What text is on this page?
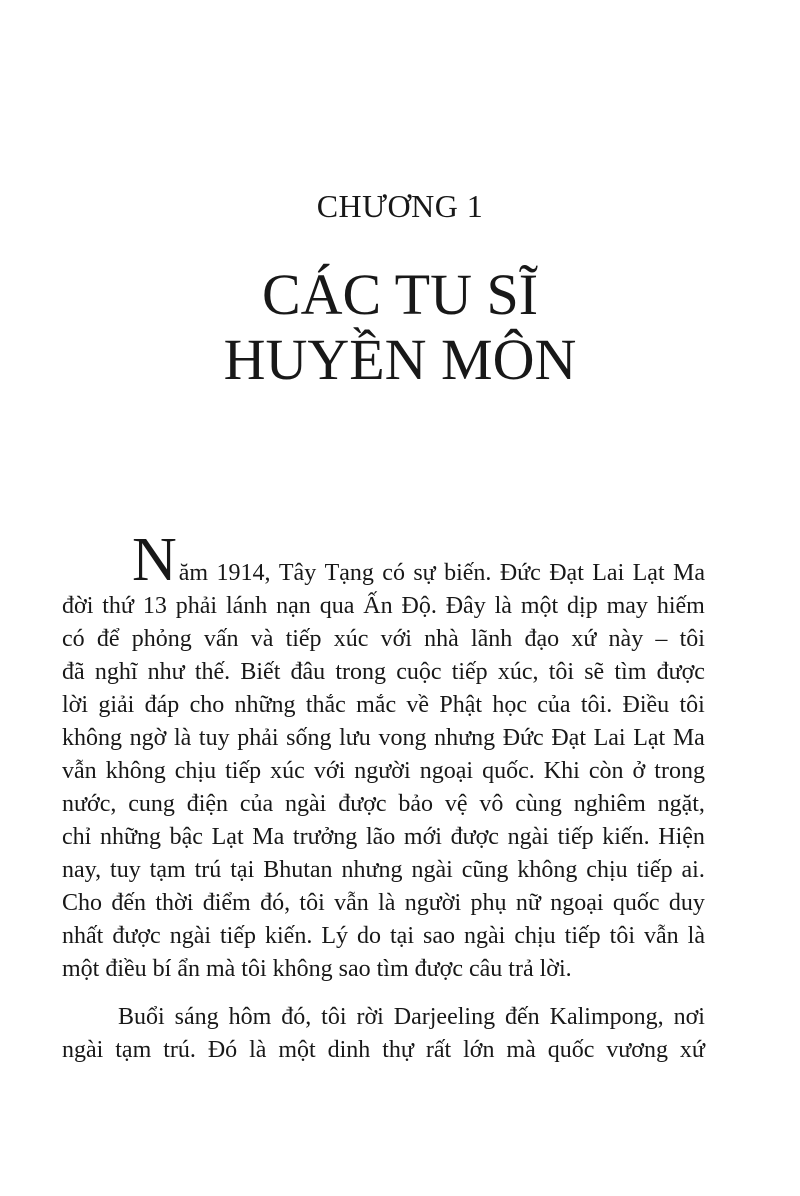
CHƯƠNG 1
CÁC TU SĨ
HUYỀN MÔN
Năm 1914, Tây Tạng có sự biến. Đức Đạt Lai Lạt Ma
đời thứ 13 phải lánh nạn qua Ấn Độ. Đây là một dịp may hiếm
có để phỏng vấn và tiếp xúc với nhà lãnh đạo xứ này – tôi
đã nghĩ như thế. Biết đâu trong cuộc tiếp xúc, tôi sẽ tìm được
lời giải đáp cho những thắc mắc về Phật học của tôi. Điều tôi
không ngờ là tuy phải sống lưu vong nhưng Đức Đạt Lai Lạt Ma
vẫn không chịu tiếp xúc với người ngoại quốc. Khi còn ở trong
nước, cung điện của ngài được bảo vệ vô cùng nghiêm ngặt,
chỉ những bậc Lạt Ma trưởng lão mới được ngài tiếp kiến. Hiện
nay, tuy tạm trú tại Bhutan nhưng ngài cũng không chịu tiếp ai.
Cho đến thời điểm đó, tôi vẫn là người phụ nữ ngoại quốc duy
nhất được ngài tiếp kiến. Lý do tại sao ngài chịu tiếp tôi vẫn là
một điều bí ẩn mà tôi không sao tìm được câu trả lời.
Buổi sáng hôm đó, tôi rời Darjeeling đến Kalimpong, nơi
ngài tạm trú. Đó là một dinh thự rất lớn mà quốc vương xứ
